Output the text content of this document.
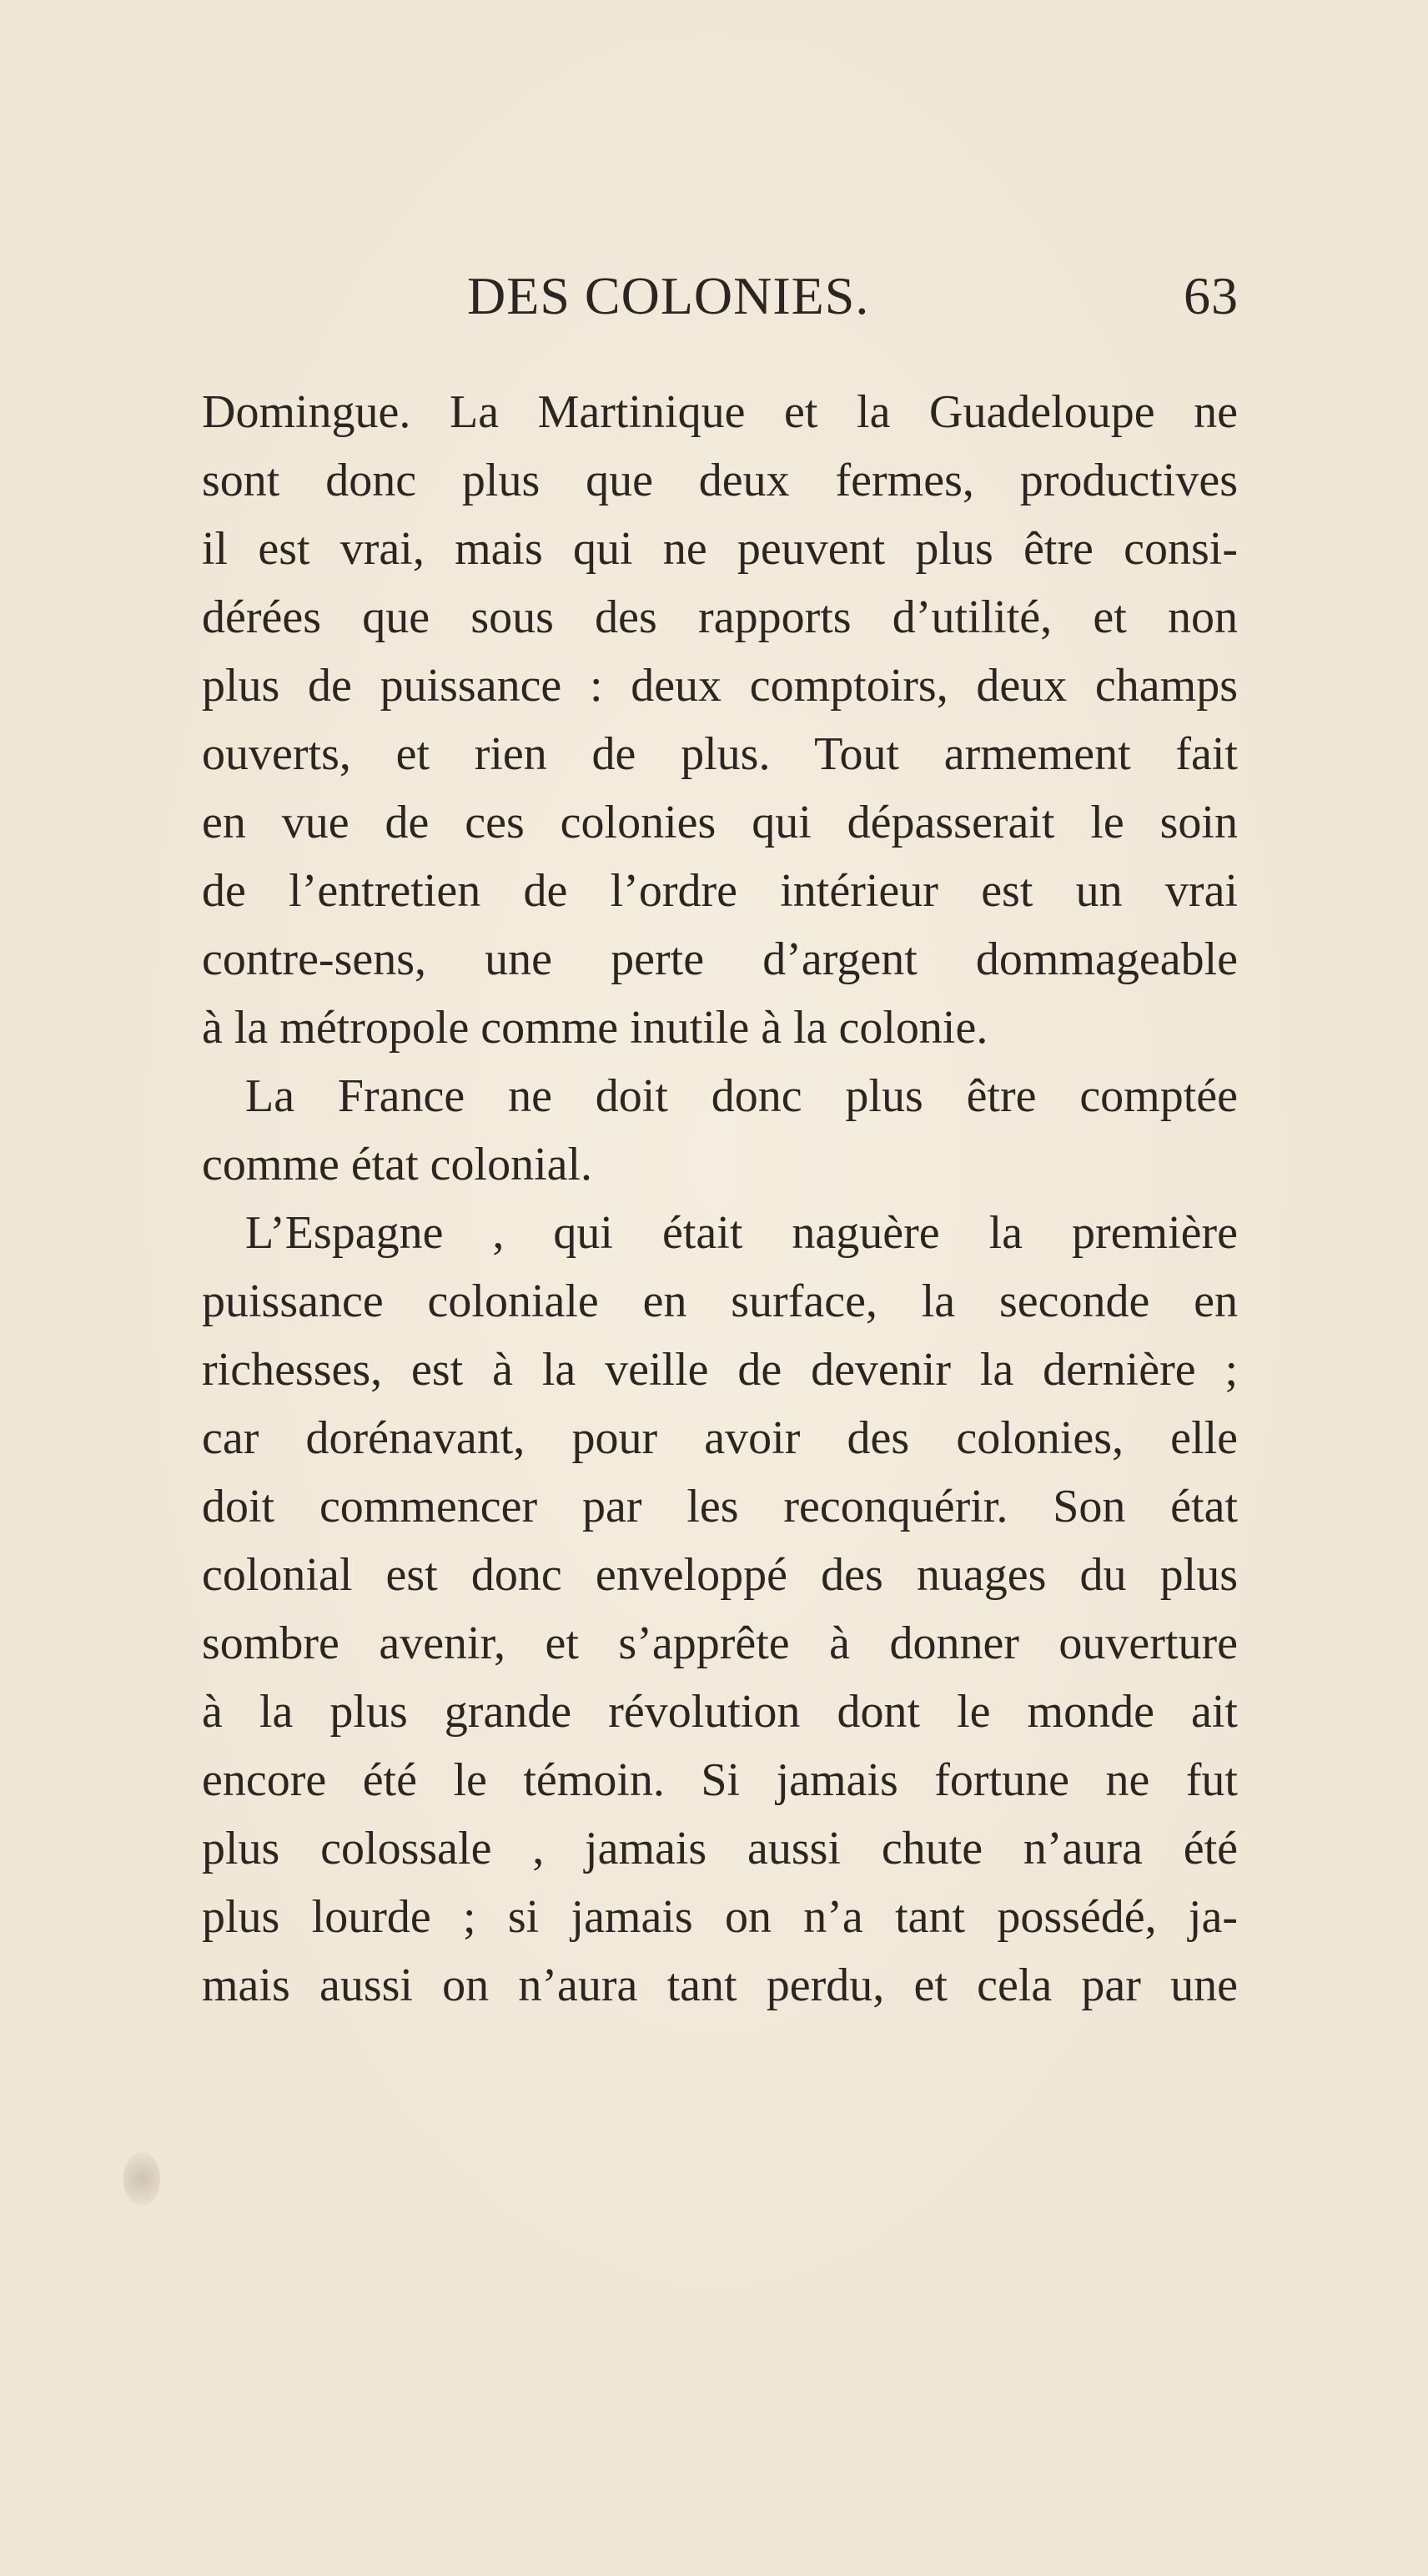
DES COLONIES.	63
Domingue. La Martinique et la Guadeloupe ne
sont donc plus que deux fermes, productives
il est vrai, mais qui ne peuvent plus être consi-
dérées que sous des rapports d’utilité, et non
plus de puissance : deux comptoirs, deux champs
ouverts, et rien de plus. Tout armement fait
en vue de ces colonies qui dépasserait le soin
de l’entretien de l’ordre intérieur est un vrai
contre-sens, une perte d’argent dommageable
à la métropole comme inutile à la colonie.
La France ne doit donc plus être comptée
comme état colonial.
L’Espagne , qui était naguère la première
puissance coloniale en surface, la seconde en
richesses, est à la veille de devenir la dernière ;
car dorénavant, pour avoir des colonies, elle
doit commencer par les reconquérir. Son état
colonial est donc enveloppé des nuages du plus
sombre avenir, et s’apprête à donner ouverture
à la plus grande révolution dont le monde ait
encore été le témoin. Si jamais fortune ne fut
plus colossale , jamais aussi chute n’aura été
plus lourde ; si jamais on n’a tant possédé, ja-
mais aussi on n’aura tant perdu, et cela par une
